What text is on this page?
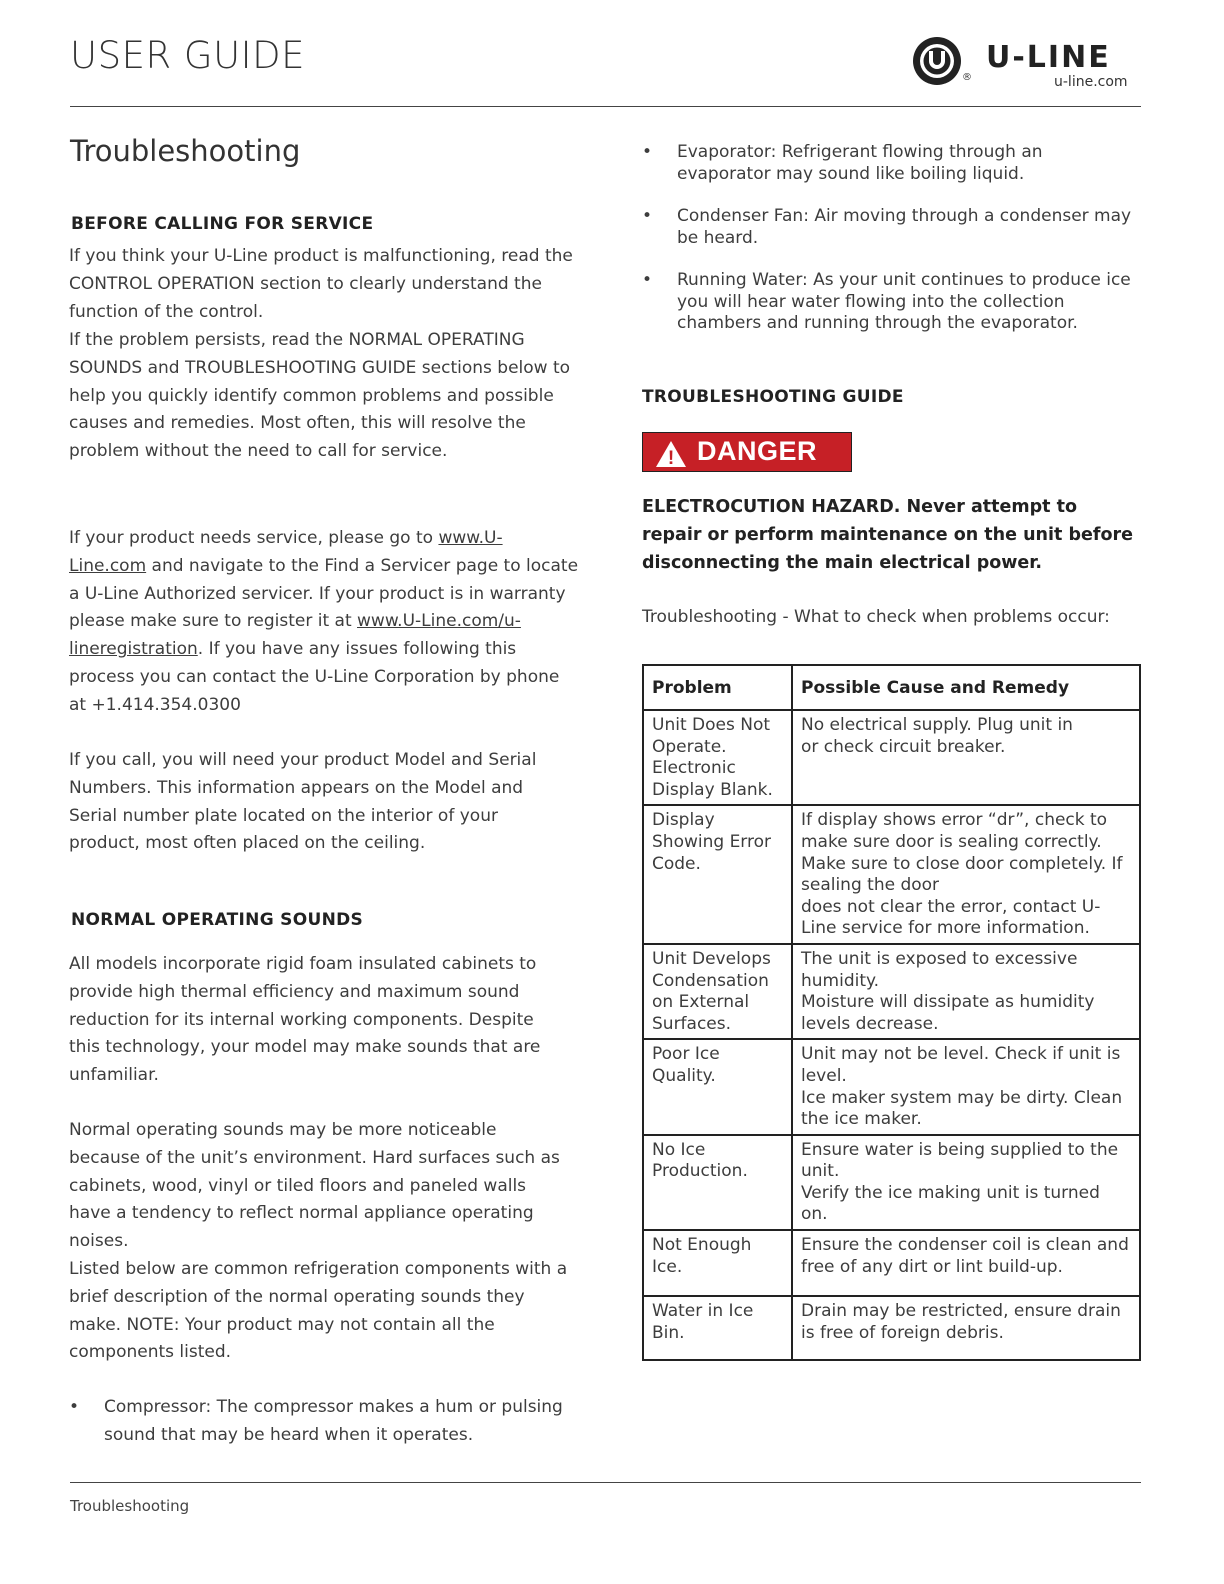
USER GUIDE
®
U-LINE
u-line.com
Troubleshooting
BEFORE CALLING FOR SERVICE

If you think your U-Line product is malfunctioning, read the CONTROL OPERATION section to clearly understand the function of the control.

If the problem persists, read the NORMAL OPERATING SOUNDS and TROUBLESHOOTING GUIDE sections below to help you quickly identify common problems and possible causes and remedies. Most often, this will resolve the problem without the need to call for service.

If your product needs service, please go to www.U-Line.com and navigate to the Find a Servicer page to locate a U-Line Authorized servicer. If your product is in warranty please make sure to register it at www.U-Line.com/u-lineregistration. If you have any issues following this process you can contact the U-Line Corporation by phone at +1.414.354.0300

If you call, you will need your product Model and Serial Numbers. This information appears on the Model and Serial number plate located on the interior of your product, most often placed on the ceiling.

NORMAL OPERATING SOUNDS

All models incorporate rigid foam insulated cabinets to provide high thermal efficiency and maximum sound reduction for its internal working components. Despite this technology, your model may make sounds that are unfamiliar.

Normal operating sounds may be more noticeable because of the unit’s environment. Hard surfaces such as cabinets, wood, vinyl or tiled floors and paneled walls have a tendency to reflect normal appliance operating noises.

Listed below are common refrigeration components with a brief description of the normal operating sounds they make. NOTE: Your product may not contain all the components listed.

• Compressor: The compressor makes a hum or pulsing sound that may be heard when it operates.
• Evaporator: Refrigerant flowing through an evaporator may sound like boiling liquid.
• Condenser Fan: Air moving through a condenser may be heard.
• Running Water: As your unit continues to produce ice you will hear water flowing into the collection chambers and running through the evaporator.
TROUBLESHOOTING GUIDE
! DANGER

ELECTROCUTION HAZARD. Never attempt to repair or perform maintenance on the unit before disconnecting the main electrical power.

Troubleshooting - What to check when problems occur:

Problem	Possible Cause and Remedy
Unit Does Not Operate. Electronic Display Blank.	No electrical supply. Plug unit in
or check circuit breaker.

Display Showing Error Code.	If display shows error “dr”, check to make sure door is sealing correctly. Make sure to close door completely. If sealing the door
does not clear the error, contact U-Line service for more information.

Unit Develops Condensation on External Surfaces.	The unit is exposed to excessive humidity.
Moisture will dissipate as humidity levels decrease.

Poor Ice Quality.	Unit may not be level. Check if unit is level.
Ice maker system may be dirty. Clean the ice maker.

No Ice Production.	Ensure water is being supplied to the unit.
Verify the ice making unit is turned on.

Not Enough Ice.	Ensure the condenser coil is clean and free of any dirt or lint build-up.

Water in Ice Bin.	Drain may be restricted, ensure drain is free of foreign debris.
Troubleshooting
